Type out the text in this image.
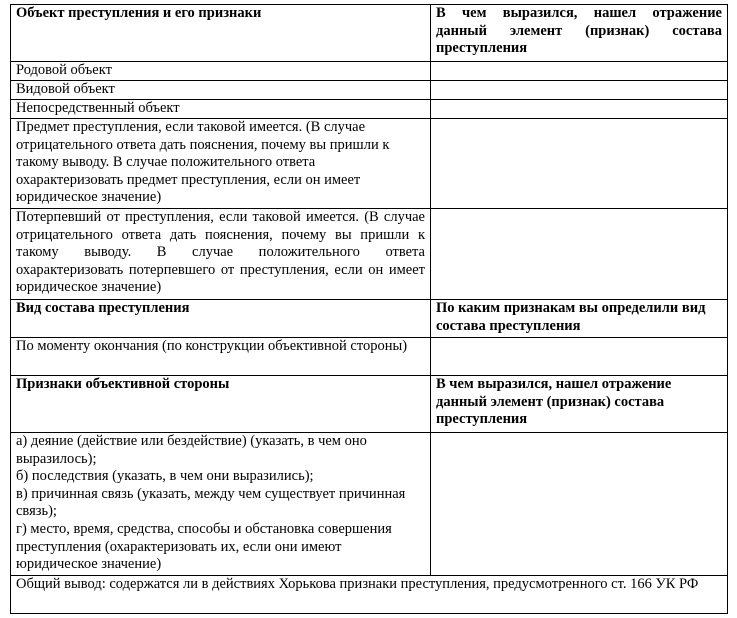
Объект преступления и его признаки	В чем выразился, нашел отражение данный элемент (признак) состава преступления

Родовой объект	

Видовой объект	

Непосредственный объект	

Предмет преступления, если таковой имеется. (В случае отрицательного ответа дать пояснения, почему вы пришли к такому выводу. В случае положительного ответа охарактеризовать предмет преступления, если он имеет юридическое значение)	

Потерпевший от преступления, если таковой имеется. (В случае отрицательного ответа дать пояснения, почему вы пришли к такому выводу. В случае положительного ответа охарактеризовать потерпевшего от преступления, если он имеет юридическое значение)	

Вид состава преступления	По каким признакам вы определили вид состава преступления

По моменту окончания (по конструкции объективной стороны)	

Признаки объективной стороны	В чем выразился, нашел отражение данный элемент (признак) состава преступления

а) деяние (действие или бездействие) (указать, в чем оно выразилось);
б) последствия (указать, в чем они выразились);
в) причинная связь (указать, между чем существует причинная связь);
г) место, время, средства, способы и обстановка совершения преступления (охарактеризовать их, если они имеют юридическое значение)	

Общий вывод: содержатся ли в действиях Хорькова признаки преступления, предусмотренного ст. 166 УК РФ	
